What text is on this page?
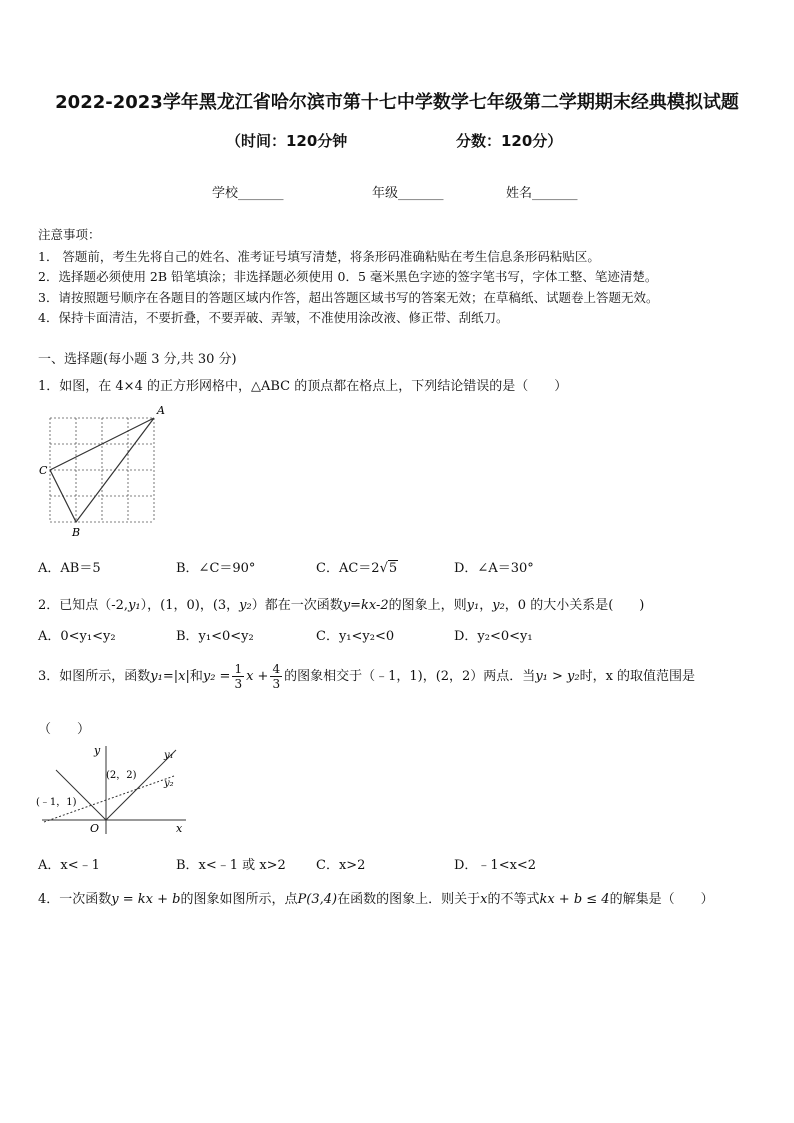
2022-2023学年黑龙江省哈尔滨市第十七中学数学七年级第二学期期末经典模拟试题
（时间：120分钟	分数：120分）
学校_______	年级_______	姓名_______
注意事项：
1． 答题前，考生先将自己的姓名、准考证号填写清楚，将条形码准确粘贴在考生信息条形码粘贴区。
2．选择题必须使用 2B 铅笔填涂；非选择题必须使用 0．5 毫米黑色字迹的签字笔书写，字体工整、笔迹清楚。
3．请按照题号顺序在各题目的答题区域内作答，超出答题区域书写的答案无效；在草稿纸、试题卷上答题无效。
4．保持卡面清洁，不要折叠，不要弄破、弄皱，不准使用涂改液、修正带、刮纸刀。
一、选择题(每小题 3 分,共 30 分)
1．如图，在 4×4 的正方形网格中，△ABC 的顶点都在格点上，下列结论错误的是（　　）
A
C
B
A．AB＝5	B．∠C＝90°	C．AC＝2√5	D．∠A＝30°
2．已知点（-2,y₁），(1，0)，(3，y₂）都在一次函数y=kx-2的图象上，则y₁，y₂，0 的大小关系是(　　)
A．0<y₁<y₂	B．y₁<0<y₂	C．y₁<y₂<0	D．y₂<0<y₁
3．如图所示，函数y₁=|x|和$y_2 = \frac{1}{3}$ $x + \frac{4}{3}$ 的图象相交于（﹣1，1)，(2，2）两点．当y₁ > y₂时，x 的取值范围是
（　　）
y
x
O
(2，2)
(﹣1，1)
y₁
y₂
A．x<﹣1	B．x<﹣1 或 x>2 C．x>2	D．﹣1<x<2
4．一次函数y = kx + b的图象如图所示，点P(3,4)在函数的图象上．则关于x的不等式kx + b ≤ 4的解集是（　　）
